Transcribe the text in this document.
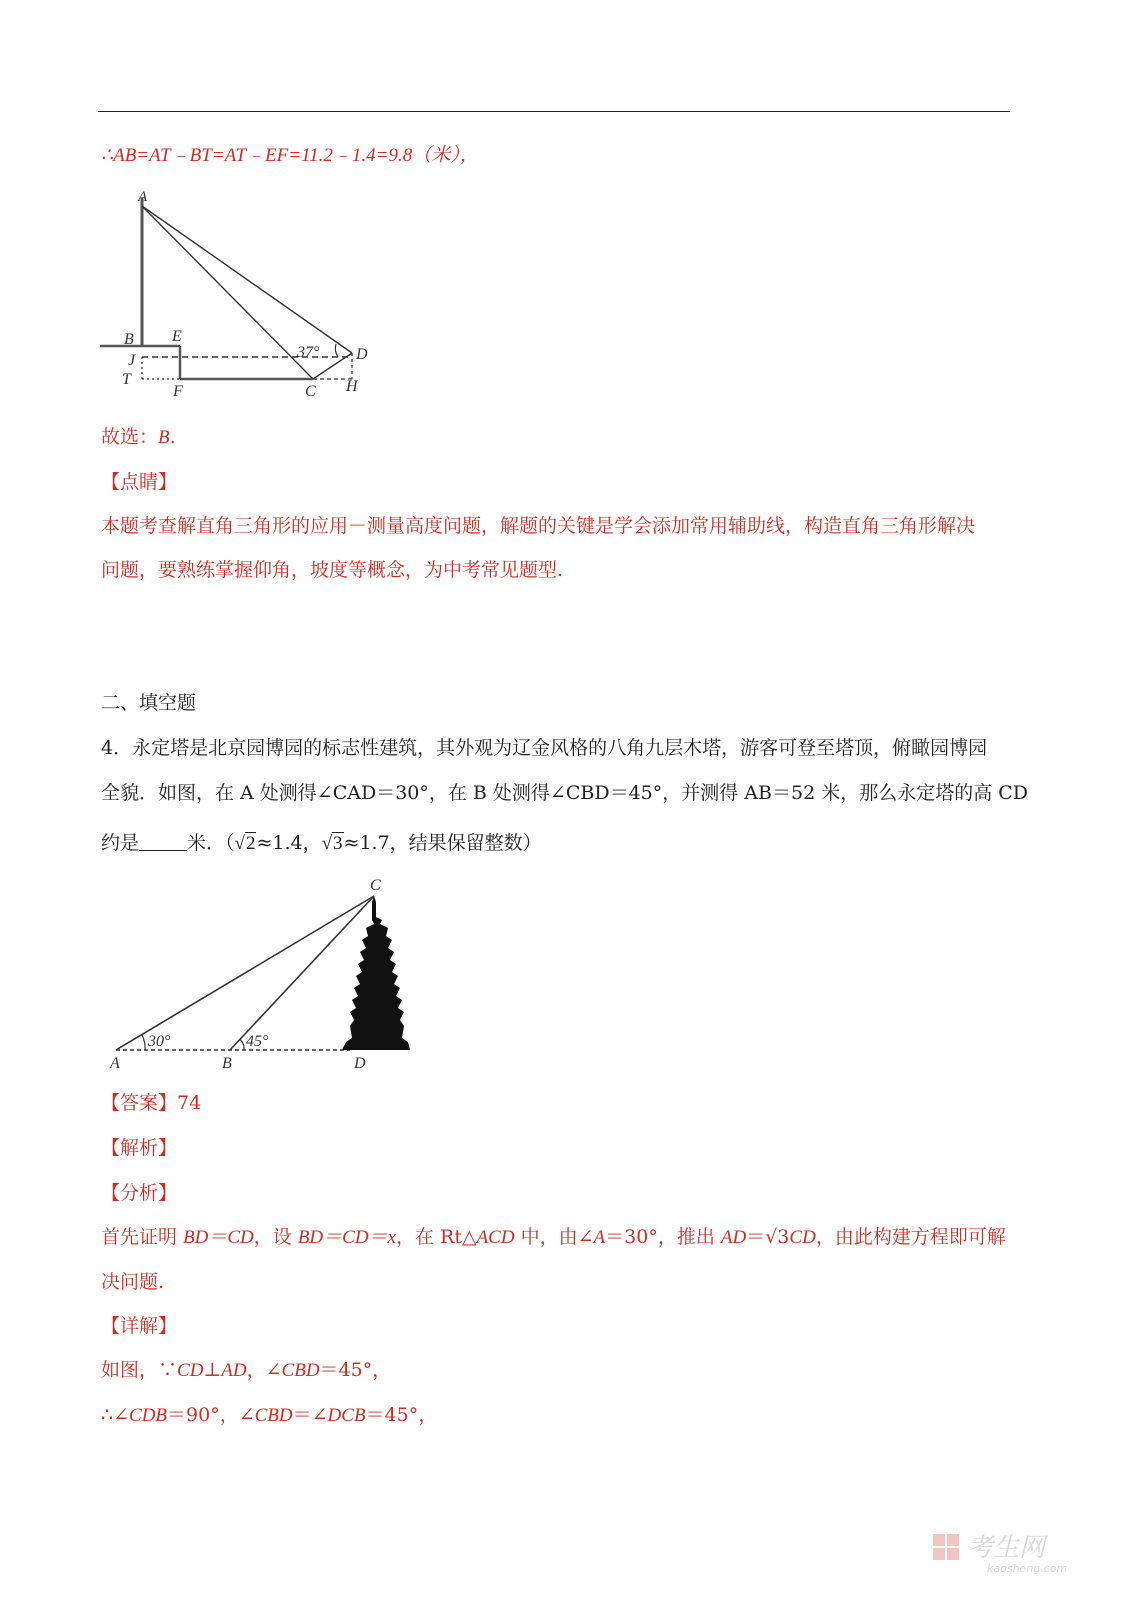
∴AB=AT﹣BT=AT﹣EF=11.2﹣1.4=9.8（米），
A
B E
J
T
F	C H
D
37°
故选：B.
【点睛】
本题考查解直角三角形的应用－测量高度问题，解题的关键是学会添加常用辅助线，构造直角三角形解决
问题，要熟练掌握仰角，坡度等概念，为中考常见题型.
二、填空题
4．永定塔是北京园博园的标志性建筑，其外观为辽金风格的八角九层木塔，游客可登至塔顶，俯瞰园博园
全貌．如图，在 A 处测得∠CAD＝30°，在 B 处测得∠CBD＝45°，并测得 AB＝52 米，那么永定塔的高 CD
约是	米．（√2≈1.4，√3≈1.7，结果保留整数）
C
A	B	D
30°	45°
【答案】74
【解析】
【分析】
首先证明 BD＝CD，设 BD＝CD＝x，在 Rt△ACD 中，由∠A＝30°，推出 AD＝√3CD，由此构建方程即可解
决问题.
【详解】
如图，∵CD⊥AD，∠CBD＝45°，
∴∠CDB＝90°，∠CBD＝∠DCB＝45°，
考生网
kaosheng.com
